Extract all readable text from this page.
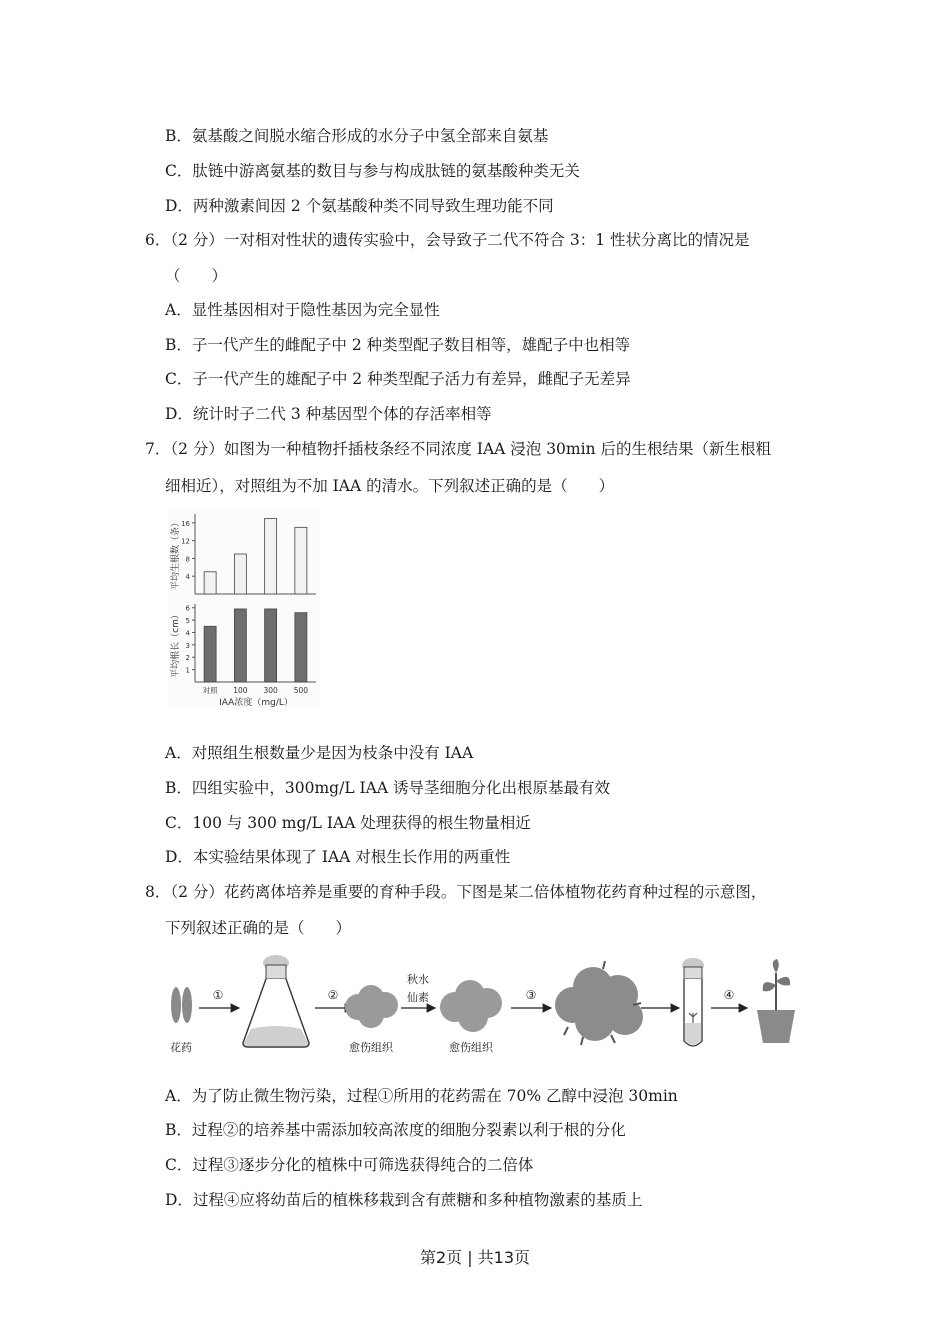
B．氨基酸之间脱水缩合形成的水分子中氢全部来自氨基
C．肽链中游离氨基的数目与参与构成肽链的氨基酸种类无关
D．两种激素间因 2 个氨基酸种类不同导致生理功能不同
6．（2 分）一对相对性状的遗传实验中，会导致子二代不符合 3：1 性状分离比的情况是
（　　）
A．显性基因相对于隐性基因为完全显性
B．子一代产生的雌配子中 2 种类型配子数目相等，雄配子中也相等
C．子一代产生的雄配子中 2 种类型配子活力有差异，雌配子无差异
D．统计时子二代 3 种基因型个体的存活率相等
7．（2 分）如图为一种植物扦插枝条经不同浓度 IAA 浸泡 30min 后的生根结果（新生根粗
细相近），对照组为不加 IAA 的清水。下列叙述正确的是（　　）
平均生根数（条） 4
8
12
16
平均根长（cm） 1
2
3
4
5
6
对照 100 300 500
IAA浓度（mg/L）
A．对照组生根数量少是因为枝条中没有 IAA
B．四组实验中，300mg/L IAA 诱导茎细胞分化出根原基最有效
C．100 与 300 mg/L IAA 处理获得的根生物量相近
D．本实验结果体现了 IAA 对根生长作用的两重性
8．（2 分）花药离体培养是重要的育种手段。下图是某二倍体植物花药育种过程的示意图，
下列叙述正确的是（　　）
花药
①	②
愈伤组织
秋水
仙素
愈伤组织
③	④
A．为了防止微生物污染，过程①所用的花药需在 70% 乙醇中浸泡 30min
B．过程②的培养基中需添加较高浓度的细胞分裂素以利于根的分化
C．过程③逐步分化的植株中可筛选获得纯合的二倍体
D．过程④应将幼苗后的植株移栽到含有蔗糖和多种植物激素的基质上
第2页 | 共13页
